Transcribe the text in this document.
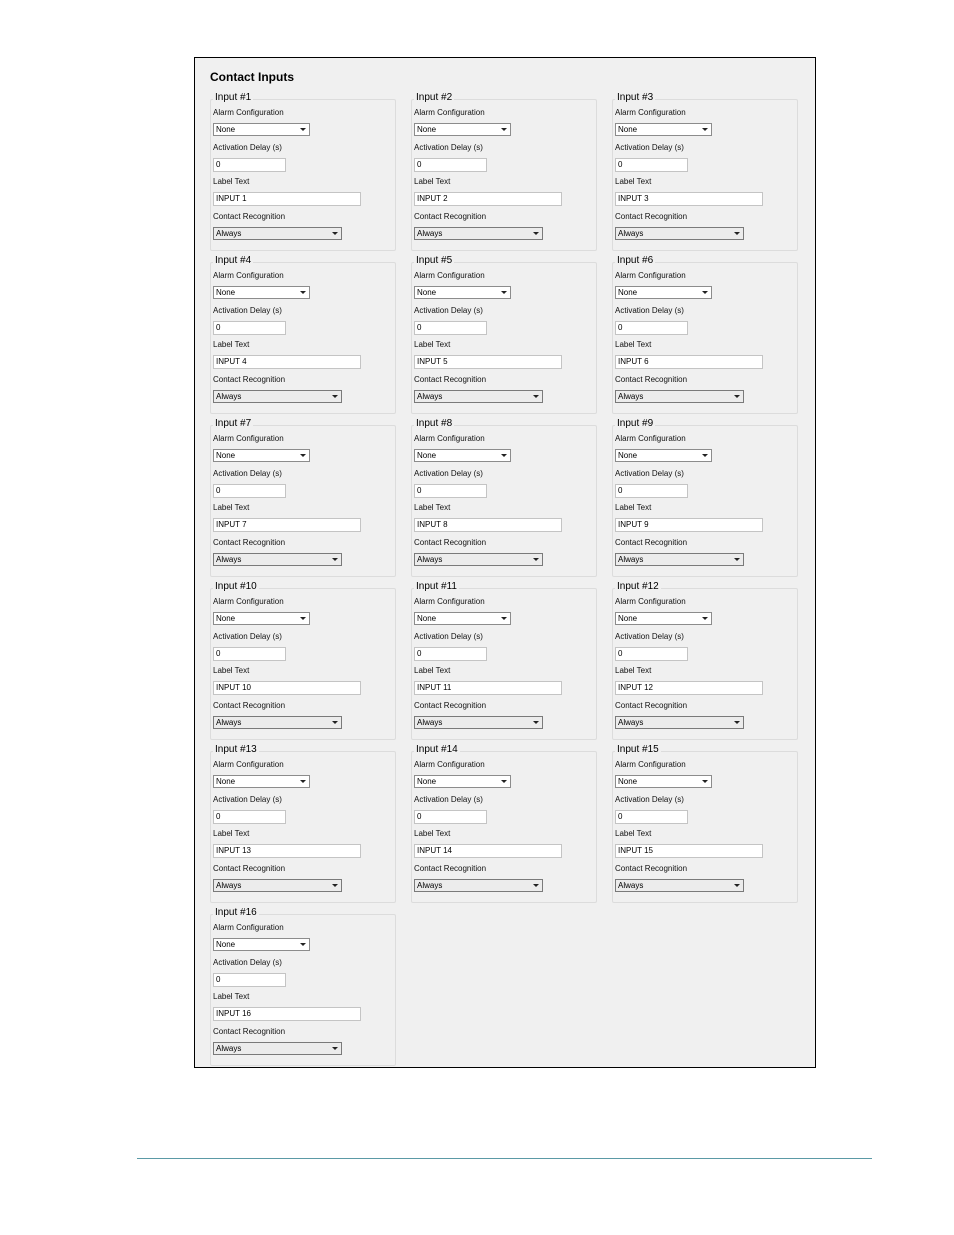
Contact Inputs
Input #1
Alarm Configuration
None
Activation Delay (s)
0
Label Text
INPUT 1
Contact Recognition
Always
Input #2
Alarm Configuration
None
Activation Delay (s)
0
Label Text
INPUT 2
Contact Recognition
Always
Input #3
Alarm Configuration
None
Activation Delay (s)
0
Label Text
INPUT 3
Contact Recognition
Always
Input #4
Alarm Configuration
None
Activation Delay (s)
0
Label Text
INPUT 4
Contact Recognition
Always
Input #5
Alarm Configuration
None
Activation Delay (s)
0
Label Text
INPUT 5
Contact Recognition
Always
Input #6
Alarm Configuration
None
Activation Delay (s)
0
Label Text
INPUT 6
Contact Recognition
Always
Input #7
Alarm Configuration
None
Activation Delay (s)
0
Label Text
INPUT 7
Contact Recognition
Always
Input #8
Alarm Configuration
None
Activation Delay (s)
0
Label Text
INPUT 8
Contact Recognition
Always
Input #9
Alarm Configuration
None
Activation Delay (s)
0
Label Text
INPUT 9
Contact Recognition
Always
Input #10
Alarm Configuration
None
Activation Delay (s)
0
Label Text
INPUT 10
Contact Recognition
Always
Input #11
Alarm Configuration
None
Activation Delay (s)
0
Label Text
INPUT 11
Contact Recognition
Always
Input #12
Alarm Configuration
None
Activation Delay (s)
0
Label Text
INPUT 12
Contact Recognition
Always
Input #13
Alarm Configuration
None
Activation Delay (s)
0
Label Text
INPUT 13
Contact Recognition
Always
Input #14
Alarm Configuration
None
Activation Delay (s)
0
Label Text
INPUT 14
Contact Recognition
Always
Input #15
Alarm Configuration
None
Activation Delay (s)
0
Label Text
INPUT 15
Contact Recognition
Always
Input #16
Alarm Configuration
None
Activation Delay (s)
0
Label Text
INPUT 16
Contact Recognition
Always
